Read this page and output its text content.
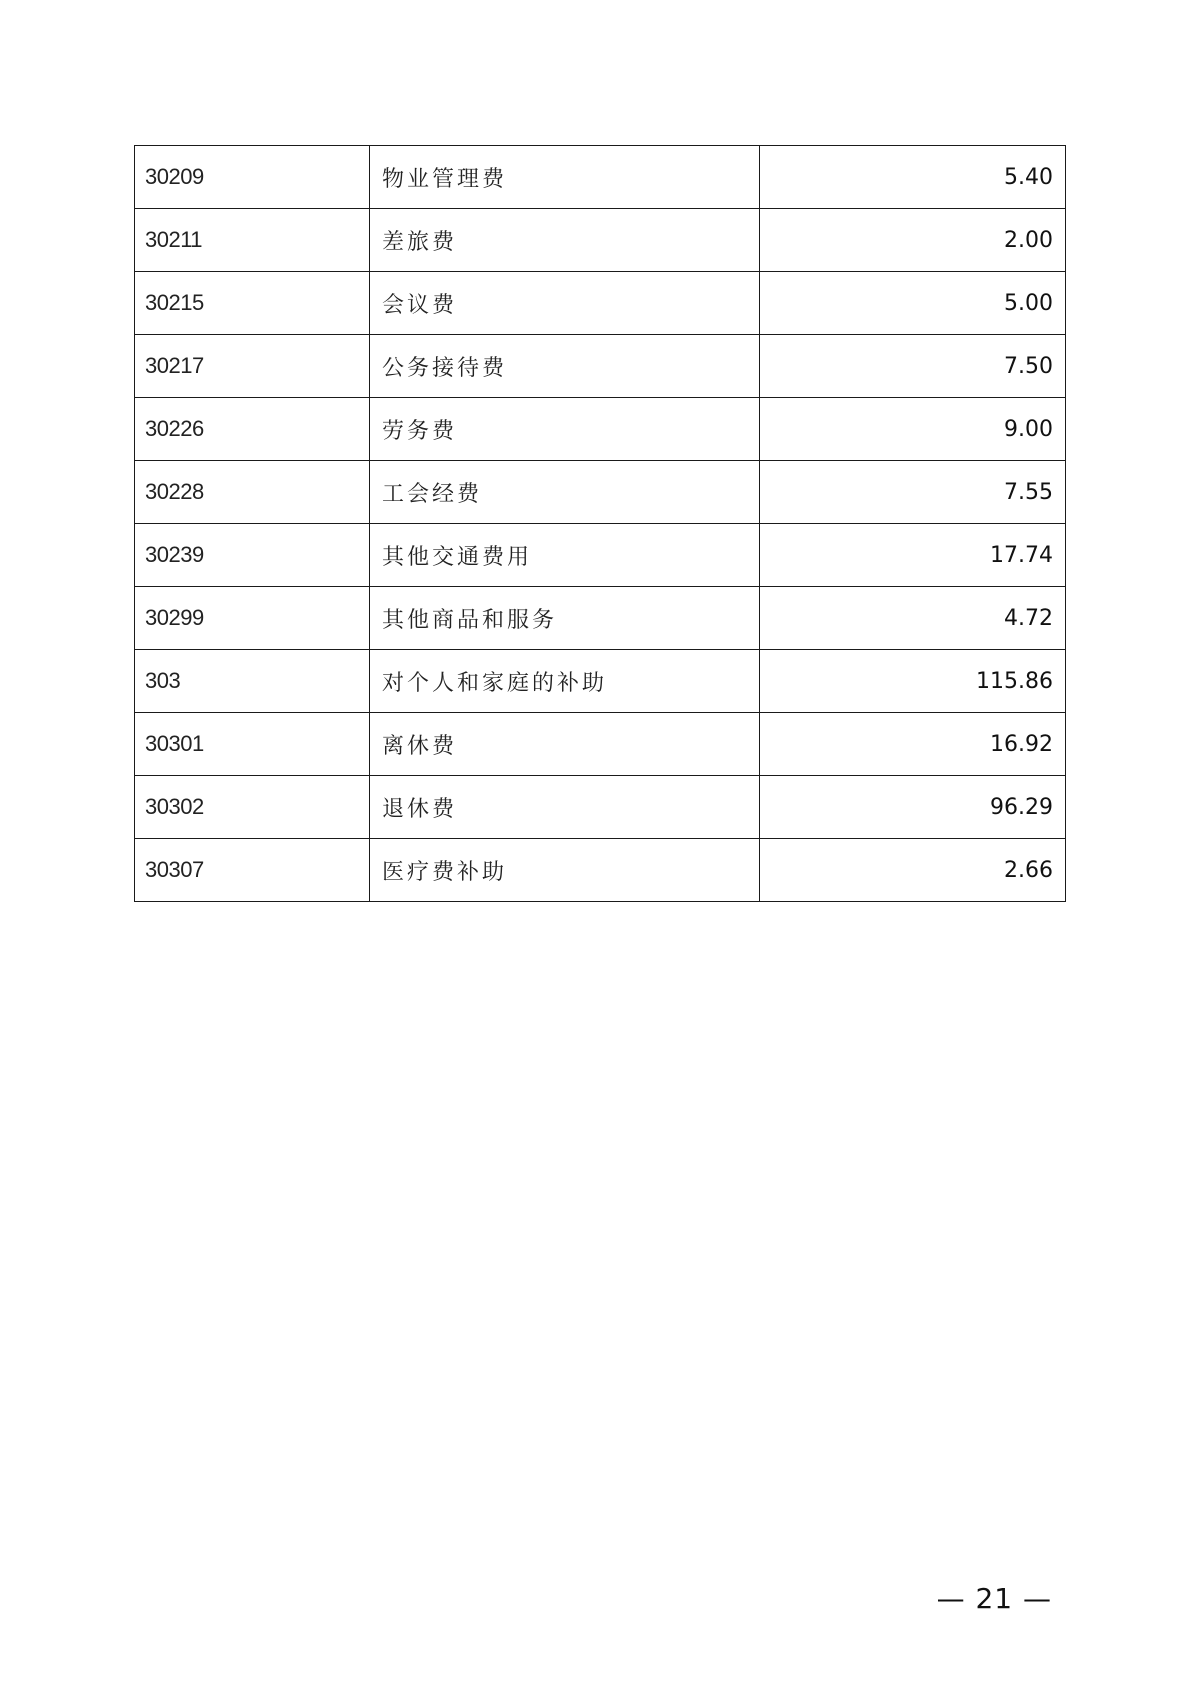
30209	物业管理费	5.40
30211	差旅费	2.00
30215	会议费	5.00
30217	公务接待费	7.50
30226	劳务费	9.00
30228	工会经费	7.55
30239	其他交通费用	17.74
30299	其他商品和服务	4.72
303	对个人和家庭的补助	115.86
30301	离休费	16.92
30302	退休费	96.29
30307	医疗费补助	2.66
— 21 —
